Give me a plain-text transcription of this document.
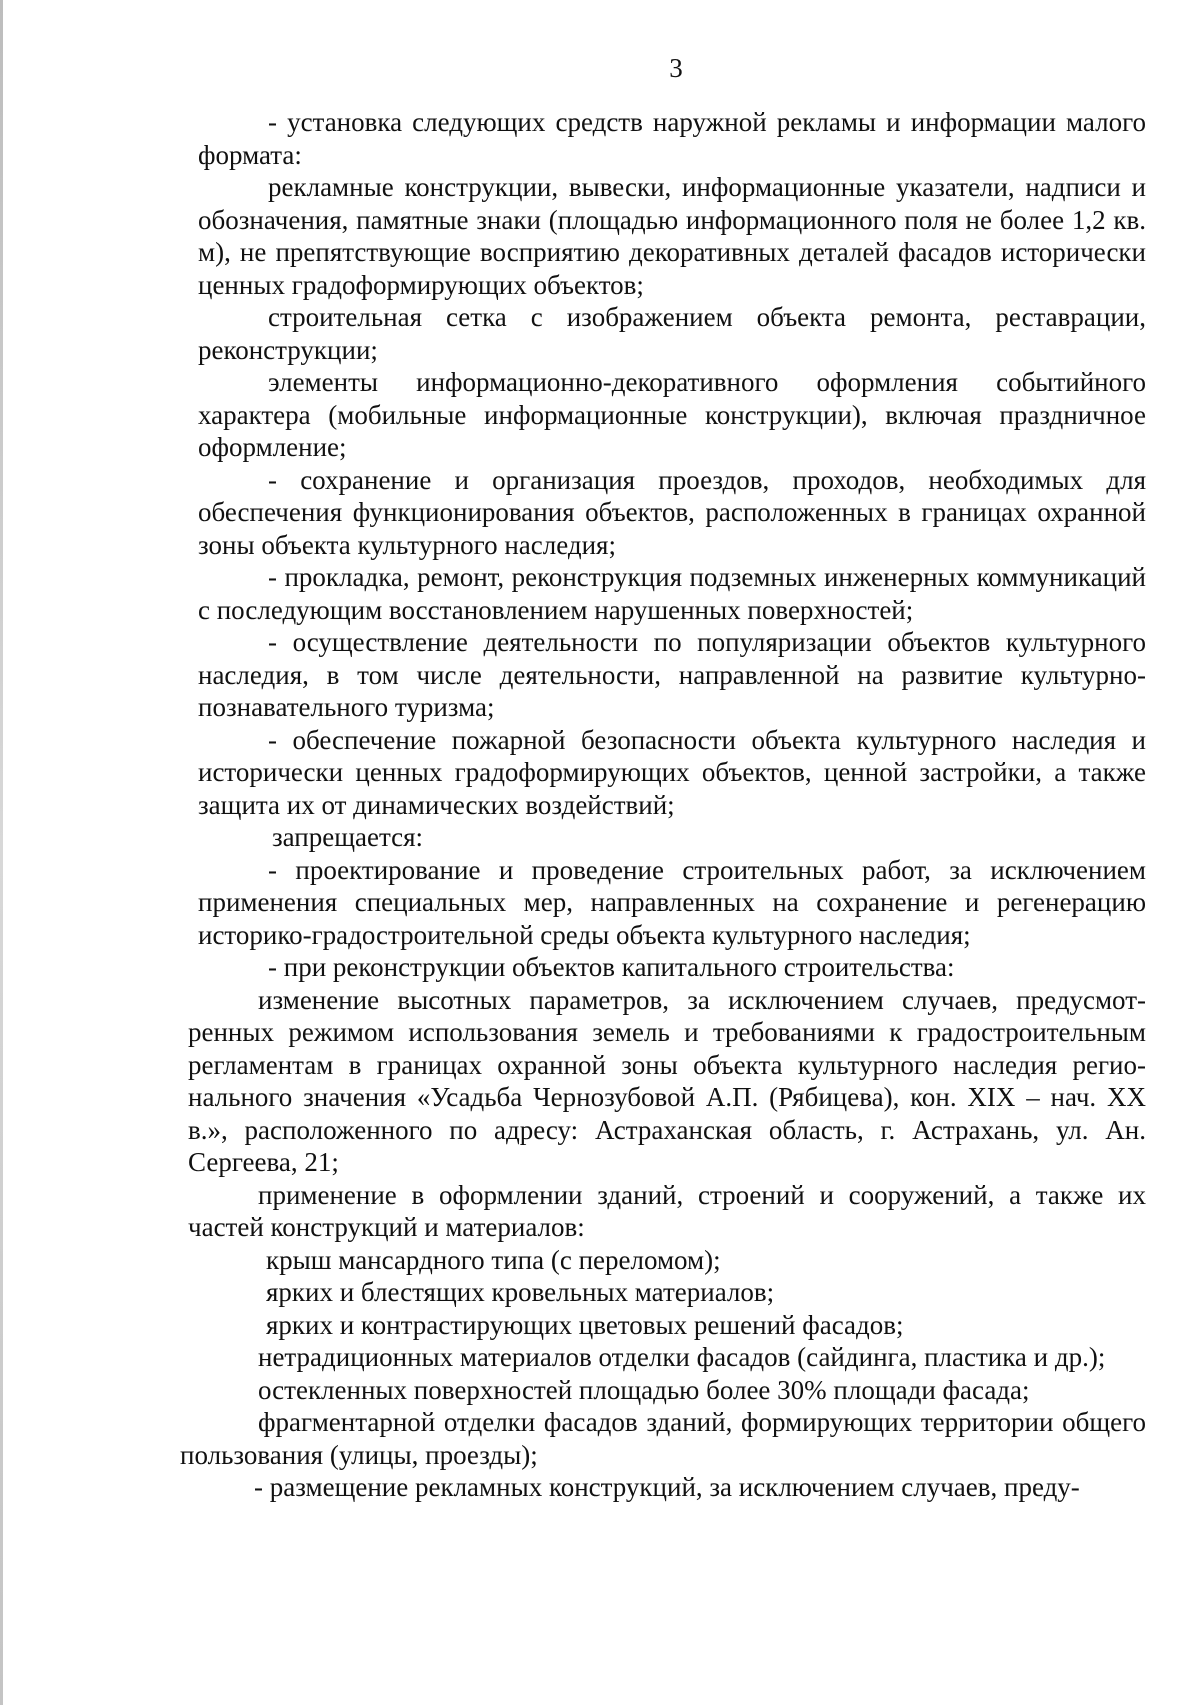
3

- установка следующих средств наружной рекламы и информации малого формата:

рекламные конструкции, вывески, информационные указатели, надписи и обозначения, памятные знаки (площадью информационного поля не более 1,2 кв. м), не препятствующие восприятию декоративных деталей фасадов исторически ценных градоформирующих объектов;

строительная сетка с изображением объекта ремонта, реставрации, реконструкции;

элементы информационно-декоративного оформления событийного характера (мобильные информационные конструкции), включая праздничное оформление;

- сохранение и организация проездов, проходов, необходимых для обеспечения функционирования объектов, расположенных в границах охранной зоны объекта культурного наследия;

- прокладка, ремонт, реконструкция подземных инженерных коммуникаций с последующим восстановлением нарушенных поверхностей;

- осуществление деятельности по популяризации объектов культурного наследия, в том числе деятельности, направленной на развитие культурно-познавательного туризма;

- обеспечение пожарной безопасности объекта культурного наследия и исторически ценных градоформирующих объектов, ценной застройки, а также защита их от динамических воздействий;

запрещается:

- проектирование и проведение строительных работ, за исключением применения специальных мер, направленных на сохранение и регенерацию историко-градостроительной среды объекта культурного наследия;

- при реконструкции объектов капитального строительства:

изменение высотных параметров, за исключением случаев, предусмот-ренных режимом использования земель и требованиями к градостроительным регламентам в границах охранной зоны объекта культурного наследия регио-нального значения «Усадьба Чернозубовой А.П. (Рябицева), кон. XIX – нач. XX в.», расположенного по адресу: Астраханская область, г. Астрахань, ул. Ан. Сергеева, 21;

применение в оформлении зданий, строений и сооружений, а также их частей конструкций и материалов:

крыш мансардного типа (с переломом);

ярких и блестящих кровельных материалов;

ярких и контрастирующих цветовых решений фасадов;

нетрадиционных материалов отделки фасадов (сайдинга, пластика и др.);

остекленных поверхностей площадью более 30% площади фасада;

фрагментарной отделки фасадов зданий, формирующих территории общего пользования (улицы, проезды);

- размещение рекламных конструкций, за исключением случаев, преду-
